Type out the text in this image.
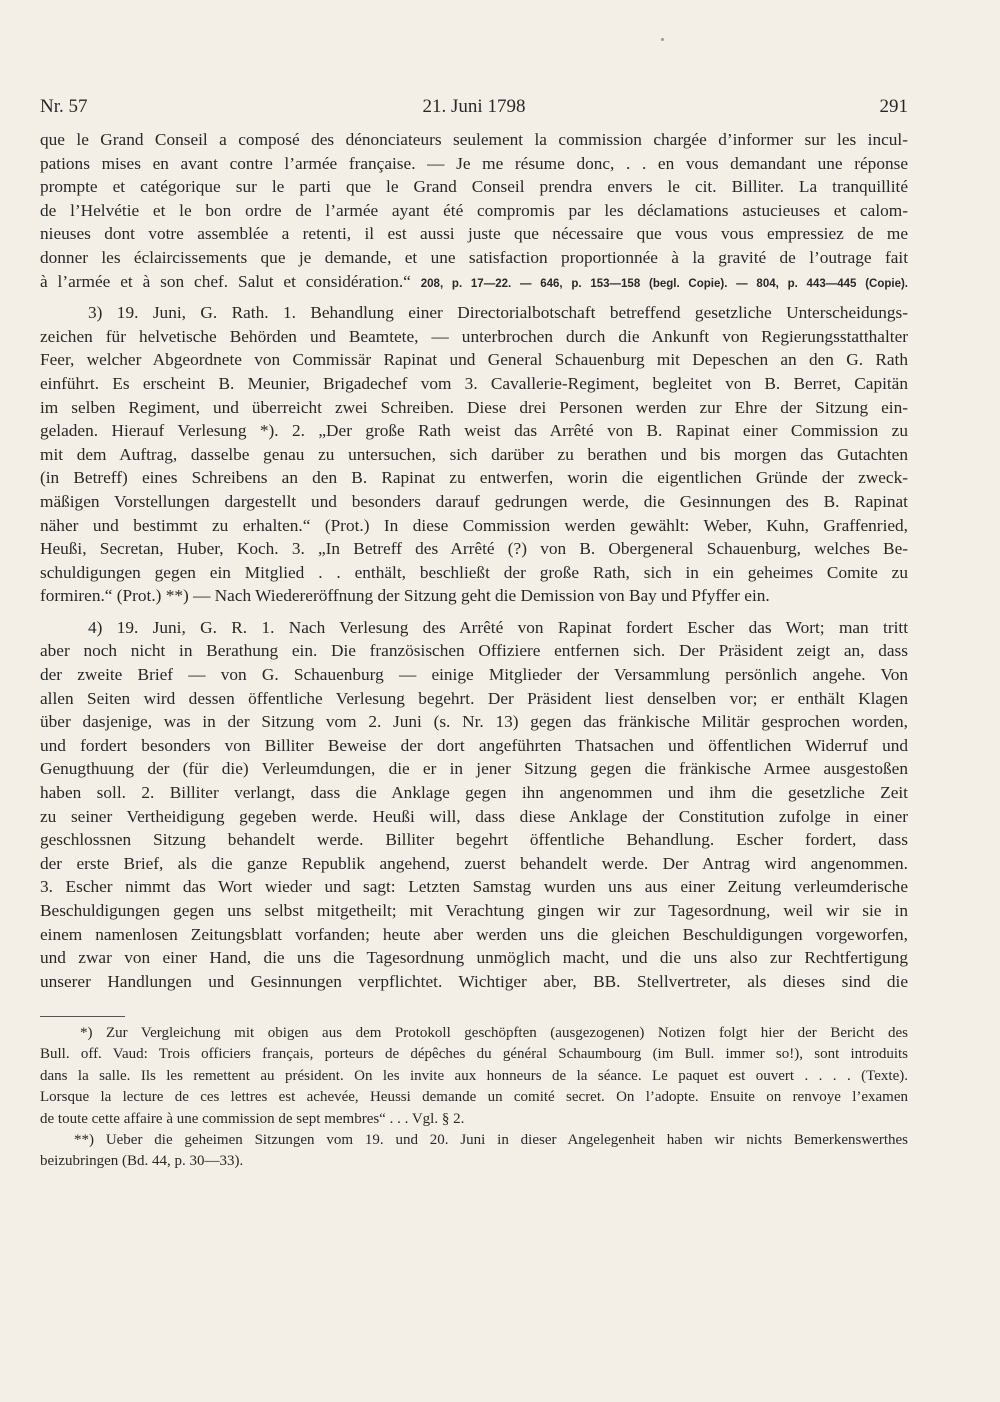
Nr. 57	21. Juni 1798	291
que le Grand Conseil a composé des dénonciateurs seulement la commission chargée d’informer sur les incul-
pations mises en avant contre l’armée française. — Je me résume donc, . . en vous demandant une réponse
prompte et catégorique sur le parti que le Grand Conseil prendra envers le cit. Billiter. La tranquillité
de l’Helvétie et le bon ordre de l’armée ayant été compromis par les déclamations astucieuses et calom-
nieuses dont votre assemblée a retenti, il est aussi juste que nécessaire que vous vous empressiez de me
donner les éclaircissements que je demande, et une satisfaction proportionnée à la gravité de l’outrage fait
à l’armée et à son chef. Salut et considération.“ 208, p. 17—22. — 646, p. 153—158 (begl. Copie). — 804, p. 443—445 (Copie).
3) 19. Juni, G. Rath. 1. Behandlung einer Directorialbotschaft betreffend gesetzliche Unterscheidungs-
zeichen für helvetische Behörden und Beamtete, — unterbrochen durch die Ankunft von Regierungsstatthalter
Feer, welcher Abgeordnete von Commissär Rapinat und General Schauenburg mit Depeschen an den G. Rath
einführt. Es erscheint B. Meunier, Brigadechef vom 3. Cavallerie-Regiment, begleitet von B. Berret, Capitän
im selben Regiment, und überreicht zwei Schreiben. Diese drei Personen werden zur Ehre der Sitzung ein-
geladen. Hierauf Verlesung *). 2. „Der große Rath weist das Arrêté von B. Rapinat einer Commission zu
mit dem Auftrag, dasselbe genau zu untersuchen, sich darüber zu berathen und bis morgen das Gutachten
(in Betreff) eines Schreibens an den B. Rapinat zu entwerfen, worin die eigentlichen Gründe der zweck-
mäßigen Vorstellungen dargestellt und besonders darauf gedrungen werde, die Gesinnungen des B. Rapinat
näher und bestimmt zu erhalten.“ (Prot.) In diese Commission werden gewählt: Weber, Kuhn, Graffenried,
Heußi, Secretan, Huber, Koch. 3. „In Betreff des Arrêté (?) von B. Obergeneral Schauenburg, welches Be-
schuldigungen gegen ein Mitglied . . enthält, beschließt der große Rath, sich in ein geheimes Comite zu
formiren.“ (Prot.) **) — Nach Wiedereröffnung der Sitzung geht die Demission von Bay und Pfyffer ein.
4) 19. Juni, G. R. 1. Nach Verlesung des Arrêté von Rapinat fordert Escher das Wort; man tritt
aber noch nicht in Berathung ein. Die französischen Offiziere entfernen sich. Der Präsident zeigt an, dass
der zweite Brief — von G. Schauenburg — einige Mitglieder der Versammlung persönlich angehe. Von
allen Seiten wird dessen öffentliche Verlesung begehrt. Der Präsident liest denselben vor; er enthält Klagen
über dasjenige, was in der Sitzung vom 2. Juni (s. Nr. 13) gegen das fränkische Militär gesprochen worden,
und fordert besonders von Billiter Beweise der dort angeführten Thatsachen und öffentlichen Widerruf und
Genugthuung der (für die) Verleumdungen, die er in jener Sitzung gegen die fränkische Armee ausgestoßen
haben soll. 2. Billiter verlangt, dass die Anklage gegen ihn angenommen und ihm die gesetzliche Zeit
zu seiner Vertheidigung gegeben werde. Heußi will, dass diese Anklage der Constitution zufolge in einer
geschlossnen Sitzung behandelt werde. Billiter begehrt öffentliche Behandlung. Escher fordert, dass
der erste Brief, als die ganze Republik angehend, zuerst behandelt werde. Der Antrag wird angenommen.
3. Escher nimmt das Wort wieder und sagt: Letzten Samstag wurden uns aus einer Zeitung verleumderische
Beschuldigungen gegen uns selbst mitgetheilt; mit Verachtung gingen wir zur Tagesordnung, weil wir sie in
einem namenlosen Zeitungsblatt vorfanden; heute aber werden uns die gleichen Beschuldigungen vorgeworfen,
und zwar von einer Hand, die uns die Tagesordnung unmöglich macht, und die uns also zur Rechtfertigung
unserer Handlungen und Gesinnungen verpflichtet. Wichtiger aber, BB. Stellvertreter, als dieses sind die
*) Zur Vergleichung mit obigen aus dem Protokoll geschöpften (ausgezogenen) Notizen folgt hier der Bericht des
Bull. off. Vaud: Trois officiers français, porteurs de dépêches du général Schaumbourg (im Bull. immer so!), sont introduits
dans la salle. Ils les remettent au président. On les invite aux honneurs de la séance. Le paquet est ouvert . . . . (Texte).
Lorsque la lecture de ces lettres est achevée, Heussi demande un comité secret. On l’adopte. Ensuite on renvoye l’examen
de toute cette affaire à une commission de sept membres“ . . . Vgl. § 2.
**) Ueber die geheimen Sitzungen vom 19. und 20. Juni in dieser Angelegenheit haben wir nichts Bemerkenswerthes
beizubringen (Bd. 44, p. 30—33).
